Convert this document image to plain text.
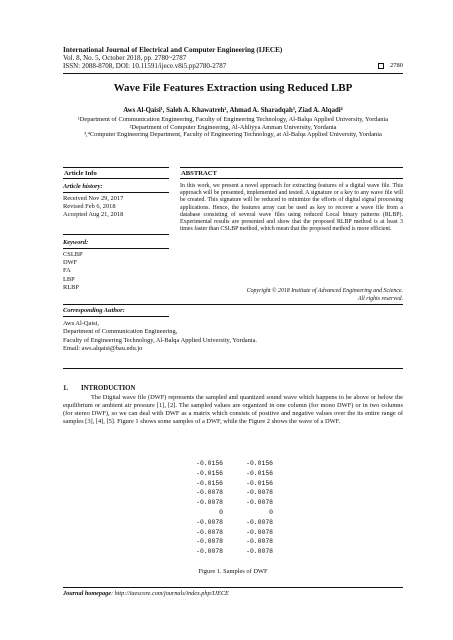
International Journal of Electrical and Computer Engineering (IJECE)
Vol. 8, No. 5, October 2018, pp. 2780~2787
ISSN: 2088-8708, DOI: 10.11591/ijece.v8i5.pp2780-2787	2780
Wave File Features Extraction using Reduced LBP
Aws Al-Qaisi¹, Saleh A. Khawatreh², Ahmad A. Sharadqah³, Ziad A. Alqadi⁴
¹Department of Communication Engineering, Faculty of Engineering Technology, Al-Balqa Applied University, Yordania
²Department of Computer Engineering, Al-Ahliyya Amman University, Yordania
³,⁴Computer Engineering Department, Faculty of Engineering Technology, at Al-Balqa Applied University, Yordania
Article Info	ABSTRACT
Article history:
Received Nov 29, 2017
Revised Feb 6, 2018
Accepted Aug 21, 2018
Keyword:
CSLBP
DWF
FA
LBP
RLBP
In this work, we present a novel approach for extracting features of a digital wave file. This approach will be presented, implemented and tested. A signature or a key to any wave file will be created. This signature will be reduced to minimize the efforts of digital signal processing applications. Hence, the features array can be used as key to recover a wave file from a database consisting of several wave files using reduced Local binary patterns (RLBP). Experimental results are presented and show that the proposed RLBP method is at least 3 times faster than CSLBP method, which mean that the proposed method is more efficient.
Copyright © 2018 Institute of Advanced Engineering and Science.
All rights reserved.
Corresponding Author:
Aws Al-Qaisi,
Department of Communication Engineering,
Faculty of Engineering Technology, Al-Balqa Applied University, Yordania.
Email: aws.alqaisi@bau.edu.jo
1. INTRODUCTION
The Digital wave file (DWF) represents the sampled and quantized sound wave which happens to be above or below the equilibrium or ambient air pressure [1], [2]. The sampled values are organized in one column (for mono DWF) or in two columns (for stereo DWF), so we can deal with DWF as a matrix which consists of positive and negative values over the its entire range of samples [3], [4], [5]. Figure 1 shows some samples of a DWF, while the Figure 2 shows the wave of a DWF.
-0.0156	-0.0156
-0.0156	-0.0156
-0.0156	-0.0156
-0.0078	-0.0078
-0.0078	-0.0078
0	0
-0.0078	-0.0078
-0.0078	-0.0078
-0.0078	-0.0078
-0.0078	-0.0078
Figure 1. Samples of DWF
Journal homepage: http://iaescore.com/journals/index.php/IJECE
